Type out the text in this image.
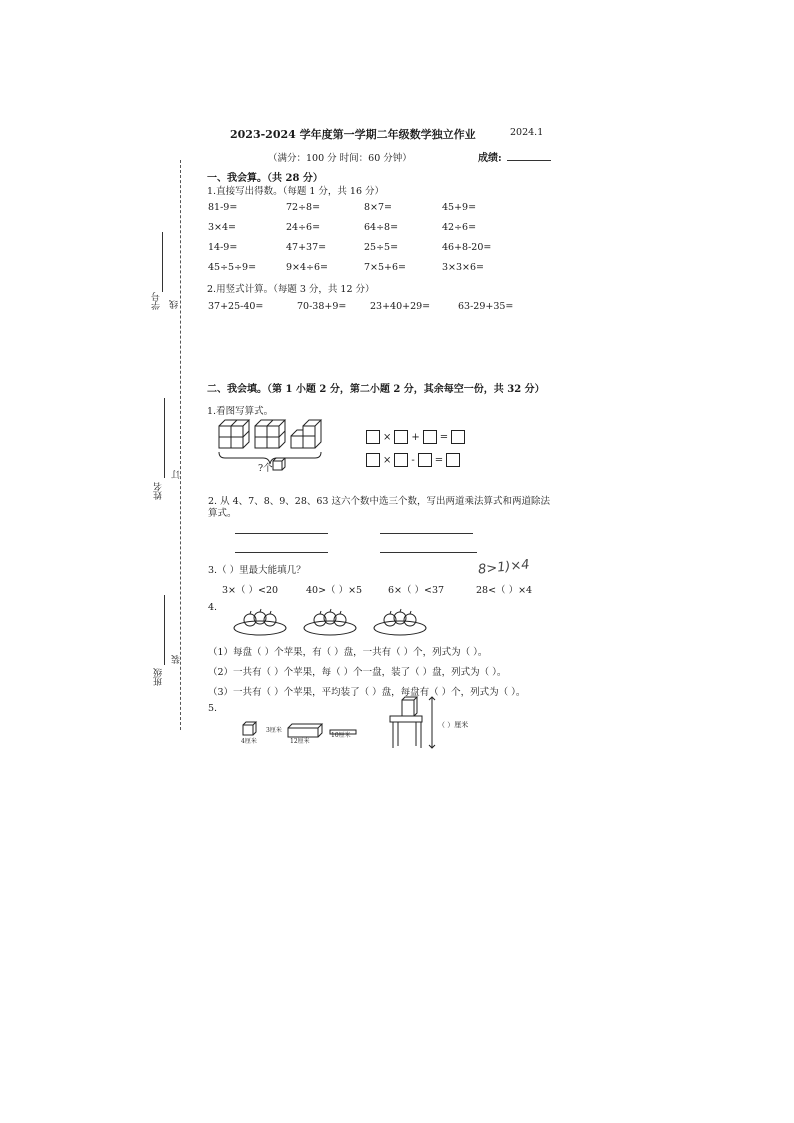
学号 线
姓名
订
班级
装
2023-2024 学年度第一学期二年级数学独立作业	2024.1
（满分：100 分 时间：60 分钟）	成绩:
一、我会算。（共 28 分）
1.直接写出得数。（每题 1 分，共 16 分）
81-9=	72÷8=	8×7=	45+9=
3×4=	24÷6=	64÷8=	42÷6=
14-9=	47+37=	25÷5=	46+8-20=
45÷5÷9=	9×4÷6=	7×5+6=	3×3×6=
2.用竖式计算。（每题 3 分，共 12 分）
37+25-40=	70-38+9= 23+40+29=	63-29+35=
二、我会填。（第 1 小题 2 分，第二小题 2 分，其余每空一份，共 32 分）
1.看图写算式。
?个
× + =
× - =
2. 从 4、7、8、9、28、63 这六个数中选三个数，写出两道乘法算式和两道除法
算式。
3.（ ）里最大能填几？
3×（ ）<20	40>（ ）×5	6×（ ）<37	28<（ ）×4
8>1)×4
4.
（1）每盘（ ）个苹果，有（ ）盘，一共有（ ）个，列式为（ ）。
（2）一共有（ ）个苹果，每（ ）个一盘，装了（ ）盘，列式为（ ）。
（3）一共有（ ）个苹果，平均装了（ ）盘，每盘有（ ）个，列式为（ ）。
5.
4厘米
3厘米
12厘米
10厘米
（ ）厘米
